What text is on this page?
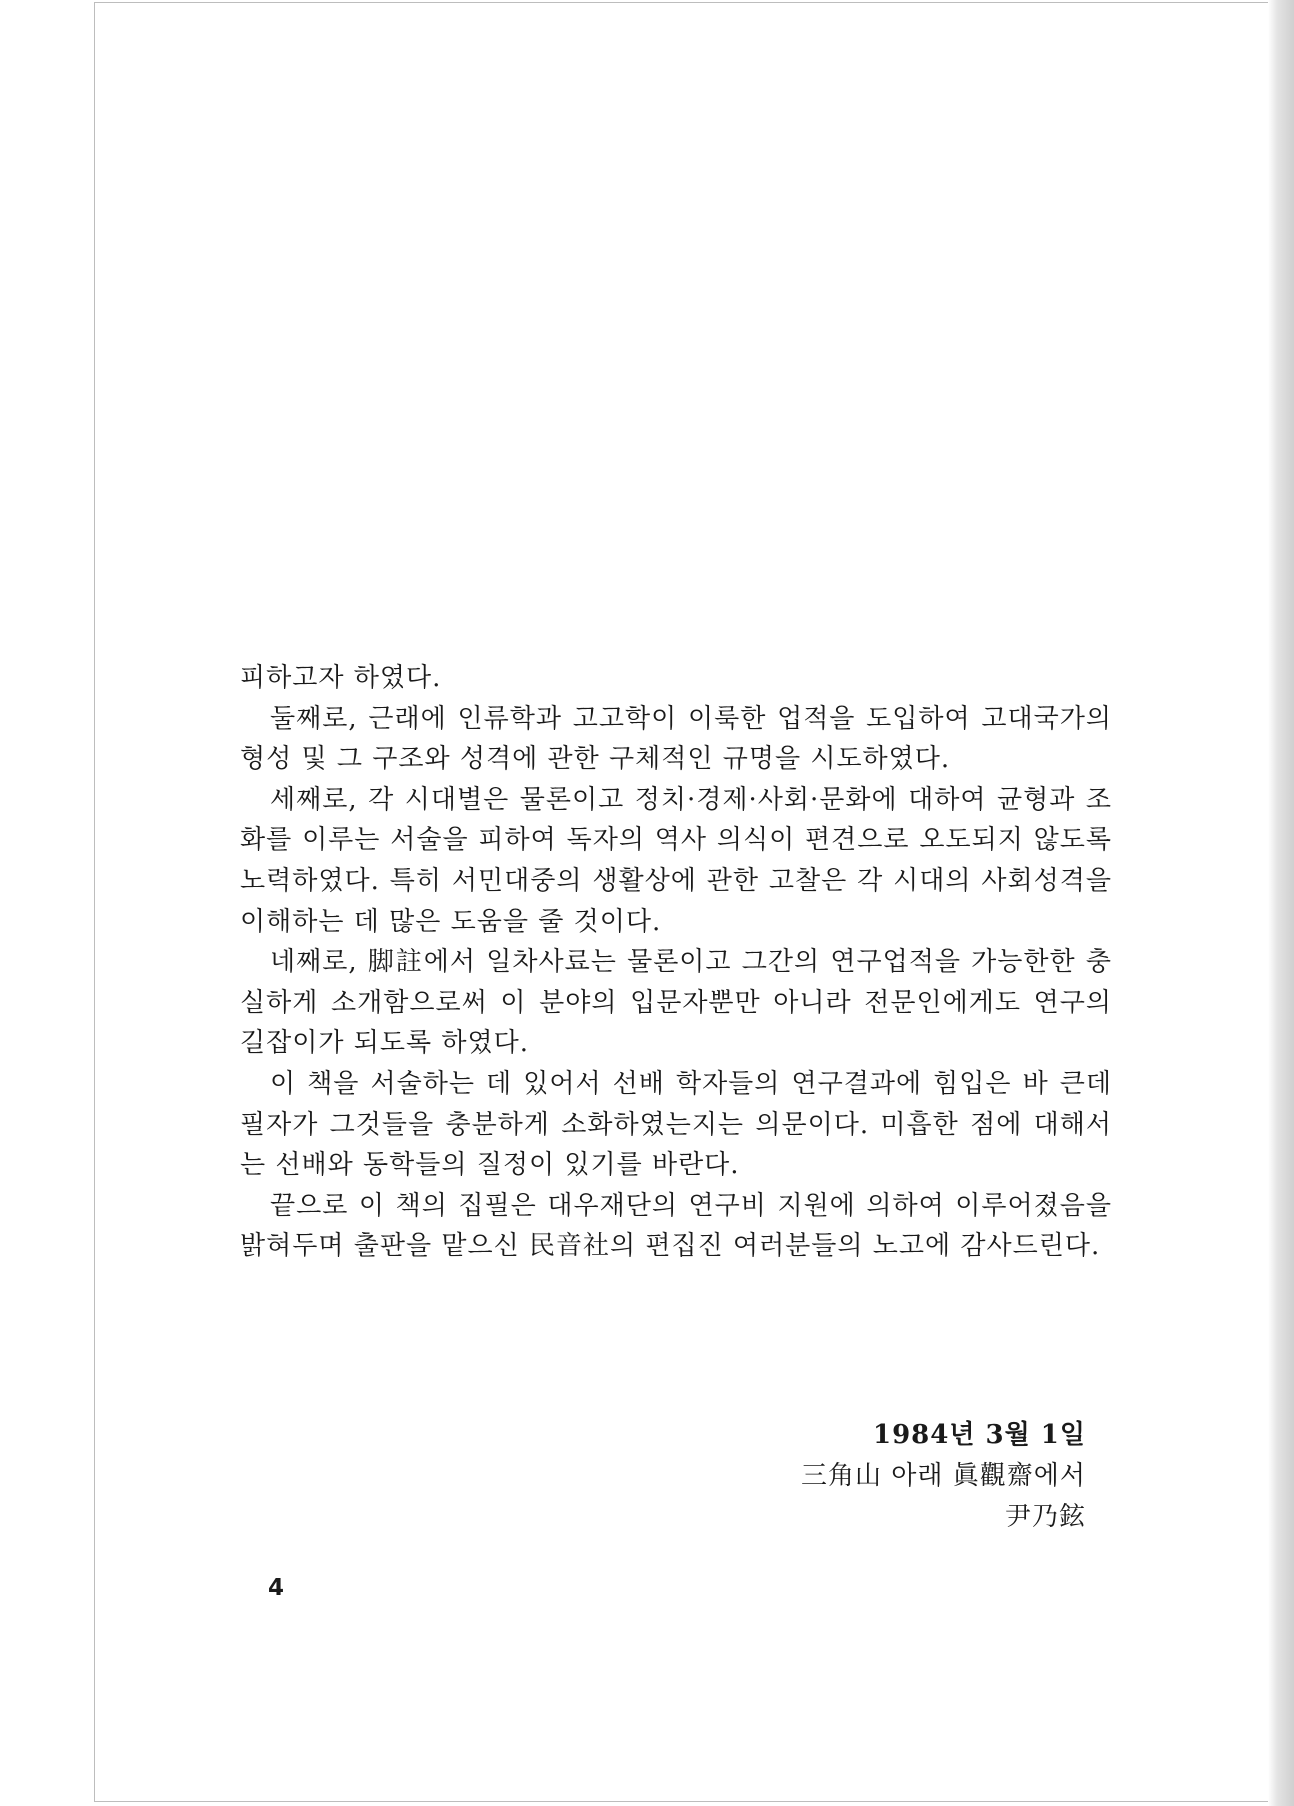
피하고자 하였다.

둘째로, 근래에 인류학과 고고학이 이룩한 업적을 도입하여 고대국가의 형성 및 그 구조와 성격에 관한 구체적인 규명을 시도하였다.

세째로, 각 시대별은 물론이고 정치·경제·사회·문화에 대하여 균형과 조화를 이루는 서술을 피하여 독자의 역사 의식이 편견으로 오도되지 않도록 노력하였다. 특히 서민대중의 생활상에 관한 고찰은 각 시대의 사회성격을 이해하는 데 많은 도움을 줄 것이다.

네째로, 脚註에서 일차사료는 물론이고 그간의 연구업적을 가능한한 충실하게 소개함으로써 이 분야의 입문자뿐만 아니라 전문인에게도 연구의 길잡이가 되도록 하였다.

이 책을 서술하는 데 있어서 선배 학자들의 연구결과에 힘입은 바 큰데 필자가 그것들을 충분하게 소화하였는지는 의문이다. 미흡한 점에 대해서는 선배와 동학들의 질정이 있기를 바란다.

끝으로 이 책의 집필은 대우재단의 연구비 지원에 의하여 이루어졌음을 밝혀두며 출판을 맡으신 民音社의 편집진 여러분들의 노고에 감사드린다.

1984년 3월 1일

三角山 아래 眞觀齋에서

尹乃鉉

4
